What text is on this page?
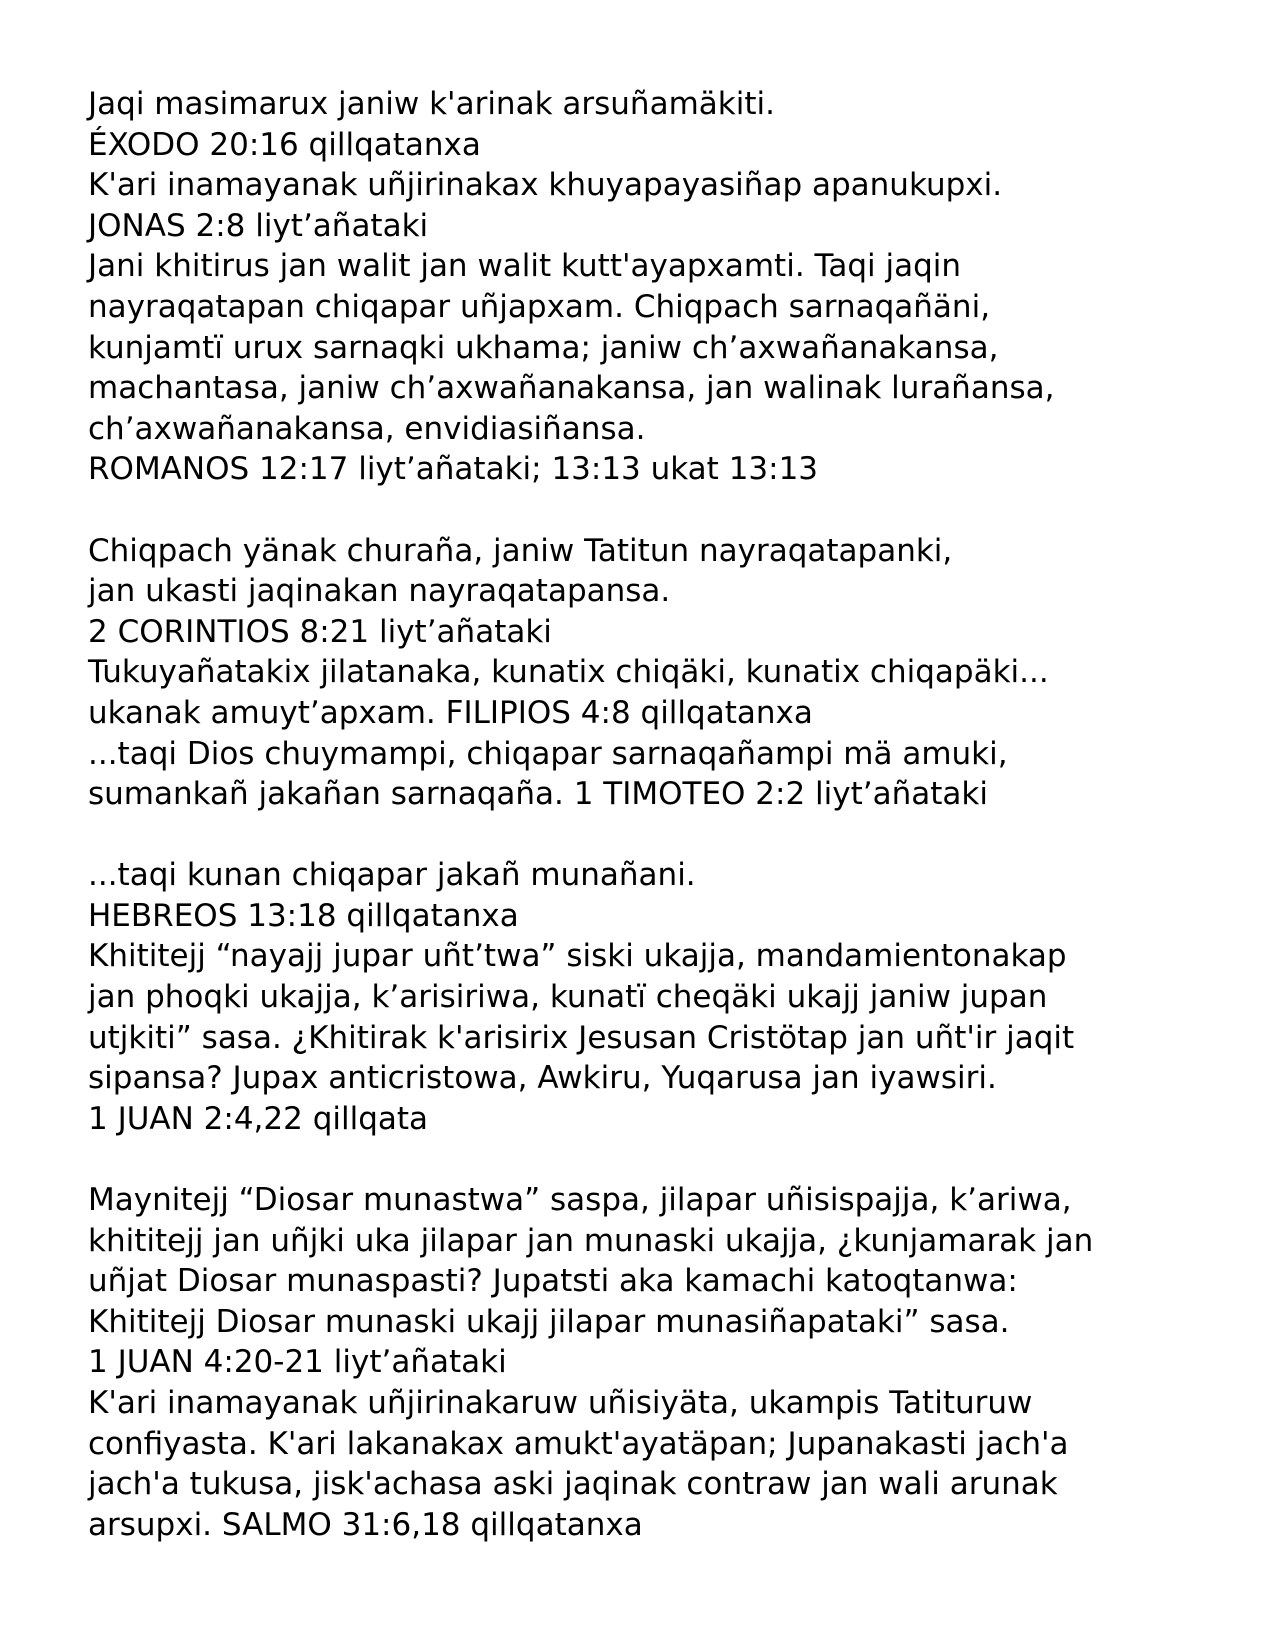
Jaqi masimarux janiw k'arinak arsuñamäkiti.
ÉXODO 20:16 qillqatanxa
K'ari inamayanak uñjirinakax khuyapayasiñap apanukupxi.
JONAS 2:8 liyt’añataki
Jani khitirus jan walit jan walit kutt'ayapxamti. Taqi jaqin
nayraqatapan chiqapar uñjapxam. Chiqpach sarnaqañäni,
kunjamtï urux sarnaqki ukhama; janiw ch’axwañanakansa,
machantasa, janiw ch’axwañanakansa, jan walinak lurañansa,
ch’axwañanakansa, envidiasiñansa.
ROMANOS 12:17 liyt’añataki; 13:13 ukat 13:13
Chiqpach yänak churaña, janiw Tatitun nayraqatapanki,
jan ukasti jaqinakan nayraqatapansa.
2 CORINTIOS 8:21 liyt’añataki
Tukuyañatakix jilatanaka, kunatix chiqäki, kunatix chiqapäki...
ukanak amuyt’apxam. FILIPIOS 4:8 qillqatanxa
...taqi Dios chuymampi, chiqapar sarnaqañampi mä amuki,
sumankañ jakañan sarnaqaña. 1 TIMOTEO 2:2 liyt’añataki
...taqi kunan chiqapar jakañ munañani.
HEBREOS 13:18 qillqatanxa
Khititejj “nayajj jupar uñt’twa” siski ukajja, mandamientonakap
jan phoqki ukajja, k’arisiriwa, kunatï cheqäki ukajj janiw jupan
utjkiti” sasa. ¿Khitirak k'arisirix Jesusan Cristötap jan uñt'ir jaqit
sipansa? Jupax anticristowa, Awkiru, Yuqarusa jan iyawsiri.
1 JUAN 2:4,22 qillqata
Maynitejj “Diosar munastwa” saspa, jilapar uñisispajja, k’ariwa,
khititejj jan uñjki uka jilapar jan munaski ukajja, ¿kunjamarak jan
uñjat Diosar munaspasti? Jupatsti aka kamachi katoqtanwa:
Khititejj Diosar munaski ukajj jilapar munasiñapataki” sasa.
1 JUAN 4:20-21 liyt’añataki
K'ari inamayanak uñjirinakaruw uñisiyäta, ukampis Tatituruw
confiyasta. K'ari lakanakax amukt'ayatäpan; Jupanakasti jach'a
jach'a tukusa, jisk'achasa aski jaqinak contraw jan wali arunak
arsupxi. SALMO 31:6,18 qillqatanxa
